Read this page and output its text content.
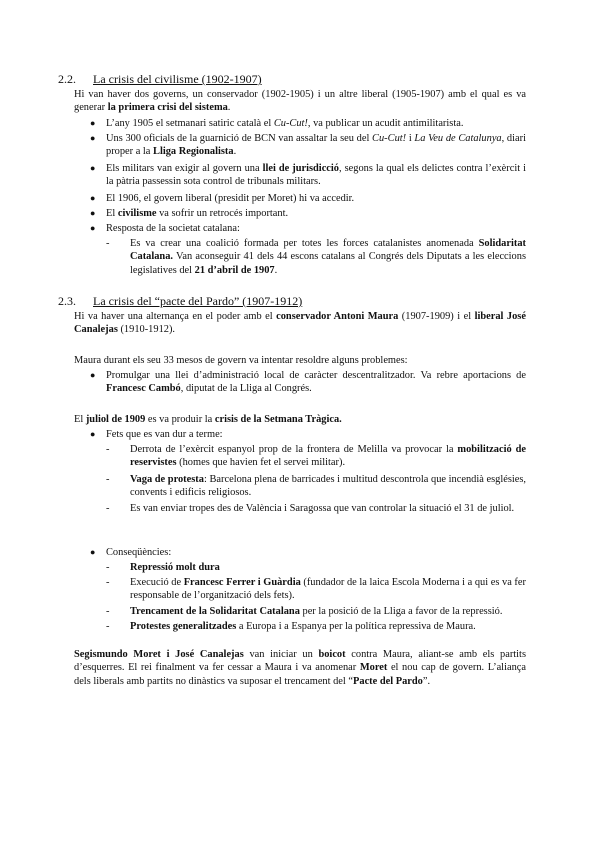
2.2. La crisis del civilisme (1902-1907)
Hi van haver dos governs, un conservador (1902-1905) i un altre liberal (1905-1907) amb el qual es va generar la primera crisi del sistema.
● L’any 1905 el setmanari satiric català el Cu-Cut!, va publicar un acudit antimilitarista.
● Uns 300 oficials de la guarnició de BCN van assaltar la seu del Cu-Cut! i La Veu de Catalunya, diari proper a la Lliga Regionalista.
● Els militars van exigir al govern una llei de jurisdicció, segons la qual els delictes contra l’exèrcit i la pàtria passessin sota control de tribunals militars.
● El 1906, el govern liberal (presidit per Moret) hi va accedir.
● El civilisme va sofrir un retrocés important.
● Resposta de la societat catalana:
- Es va crear una coalició formada per totes les forces catalanistes anomenada Solidaritat Catalana. Van aconseguir 41 dels 44 escons catalans al Congrés dels Diputats a les eleccions legislatives del 21 d’abril de 1907.
2.3. La crisis del “pacte del Pardo” (1907-1912)
Hi va haver una alternança en el poder amb el conservador Antoni Maura (1907-1909) i el liberal José Canalejas (1910-1912).
Maura durant els seu 33 mesos de govern va intentar resoldre alguns problemes:
● Promulgar una llei d’administració local de caràcter descentralitzador. Va rebre aportacions de Francesc Cambó, diputat de la Lliga al Congrés.
El juliol de 1909 es va produir la crisis de la Setmana Tràgica.
● Fets que es van dur a terme:
- Derrota de l’exèrcit espanyol prop de la frontera de Melilla va provocar la mobilització de reservistes (homes que havien fet el servei militar).
- Vaga de protesta: Barcelona plena de barricades i multitud descontrola que incendià esglésies, convents i edificis religiosos.
- Es van enviar tropes des de València i Saragossa que van controlar la situació el 31 de juliol.
● Conseqüències:
- Repressió molt dura
- Execució de Francesc Ferrer i Guàrdia (fundador de la laica Escola Moderna i a qui es va fer responsable de l’organització dels fets).
- Trencament de la Solidaritat Catalana per la posició de la Lliga a favor de la repressió.
- Protestes generalitzades a Europa i a Espanya per la política repressiva de Maura.
Segismundo Moret i José Canalejas van iniciar un boicot contra Maura, aliant-se amb els partits d’esquerres. El rei finalment va fer cessar a Maura i va anomenar Moret el nou cap de govern. L’aliança dels liberals amb partits no dinàstics va suposar el trencament del “Pacte del Pardo”.
